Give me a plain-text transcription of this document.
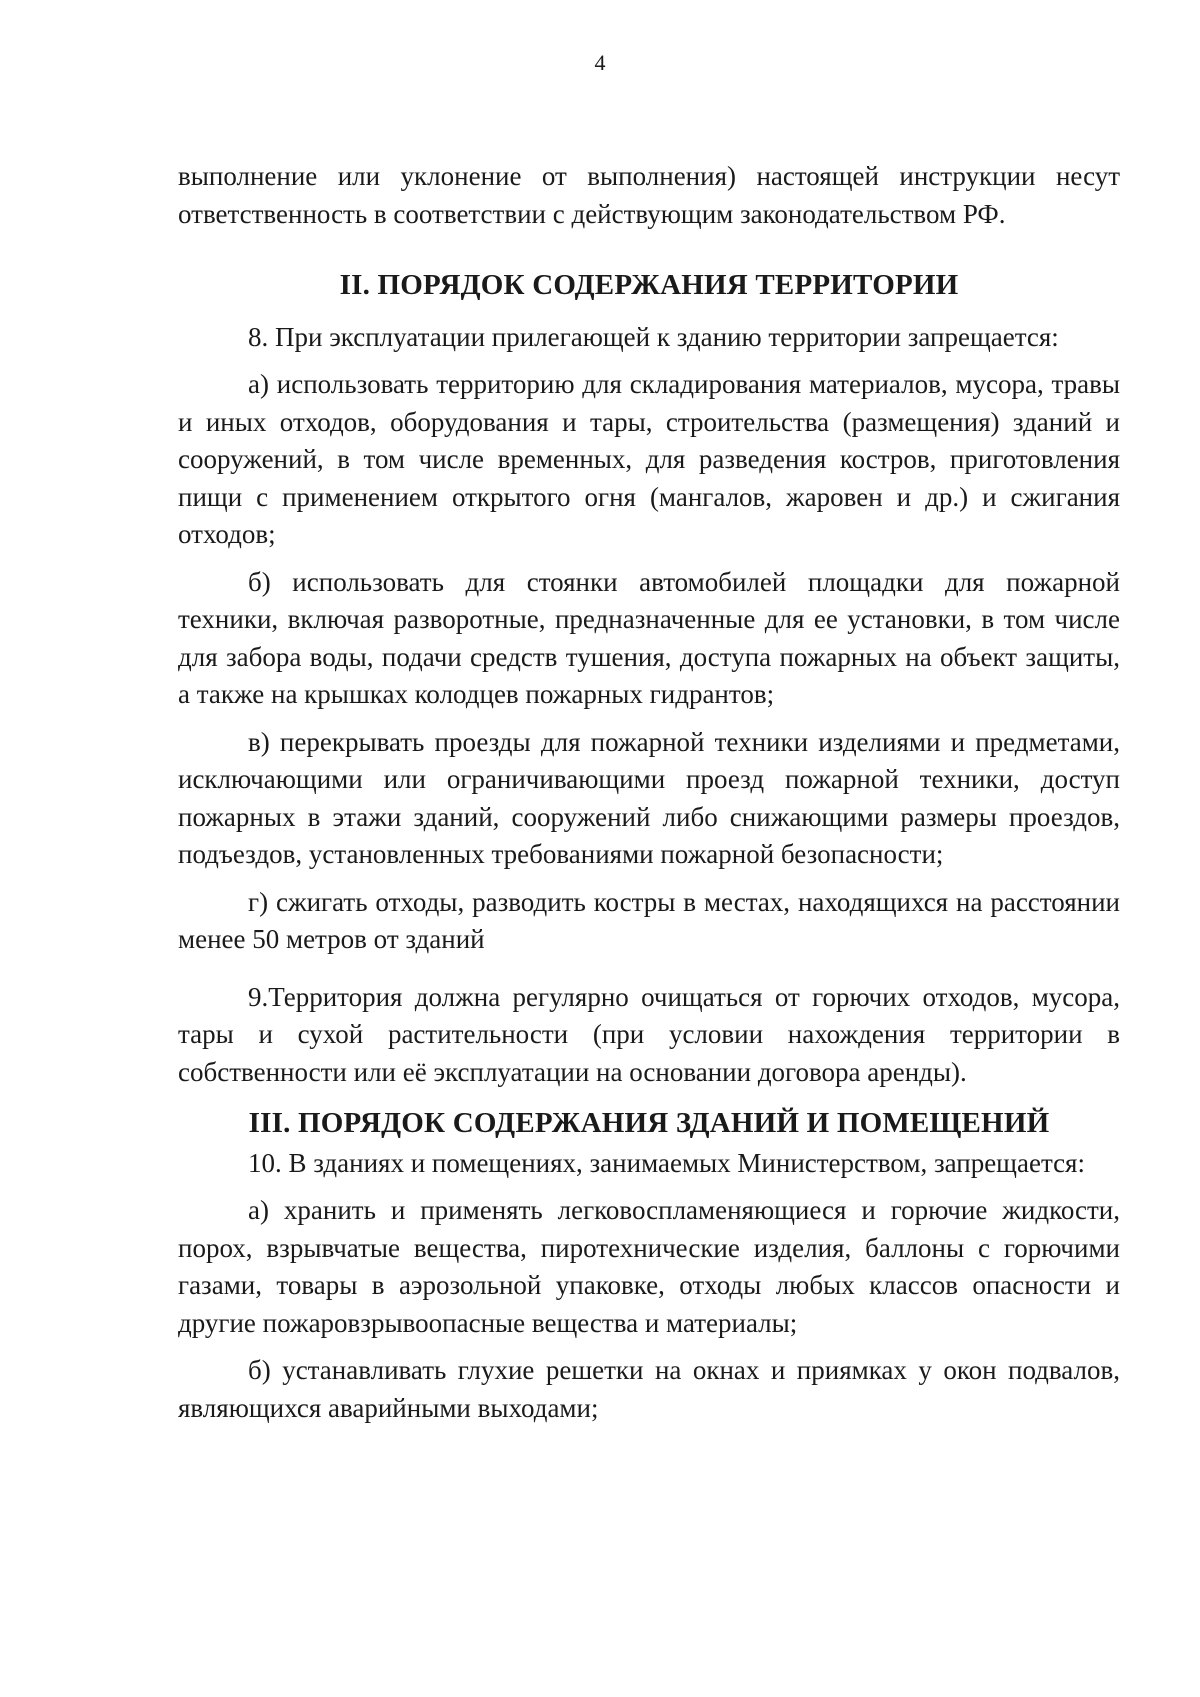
4

выполнение или уклонение от выполнения) настоящей инструкции несут ответственность в соответствии с действующим законодательством РФ.

II. ПОРЯДОК СОДЕРЖАНИЯ ТЕРРИТОРИИ

8. При эксплуатации прилегающей к зданию территории запрещается:

а) использовать территорию для складирования материалов, мусора, травы и иных отходов, оборудования и тары, строительства (размещения) зданий и сооружений, в том числе временных, для разведения костров, приготовления пищи с применением открытого огня (мангалов, жаровен и др.) и сжигания отходов;

б) использовать для стоянки автомобилей площадки для пожарной техники, включая разворотные, предназначенные для ее установки, в том числе для забора воды, подачи средств тушения, доступа пожарных на объект защиты, а также на крышках колодцев пожарных гидрантов;

в) перекрывать проезды для пожарной техники изделиями и предметами, исключающими или ограничивающими проезд пожарной техники, доступ пожарных в этажи зданий, сооружений либо снижающими размеры проездов, подъездов, установленных требованиями пожарной безопасности;

г) сжигать отходы, разводить костры в местах, находящихся на расстоянии менее 50 метров от зданий

9.Территория должна регулярно очищаться от горючих отходов, мусора, тары и сухой растительности (при условии нахождения территории в собственности или её эксплуатации на основании договора аренды).

III. ПОРЯДОК СОДЕРЖАНИЯ ЗДАНИЙ И ПОМЕЩЕНИЙ

10. В зданиях и помещениях, занимаемых Министерством, запрещается:

а) хранить и применять легковоспламеняющиеся и горючие жидкости, порох, взрывчатые вещества, пиротехнические изделия, баллоны с горючими газами, товары в аэрозольной упаковке, отходы любых классов опасности и другие пожаровзрывоопасные вещества и материалы;

б) устанавливать глухие решетки на окнах и приямках у окон подвалов, являющихся аварийными выходами;
